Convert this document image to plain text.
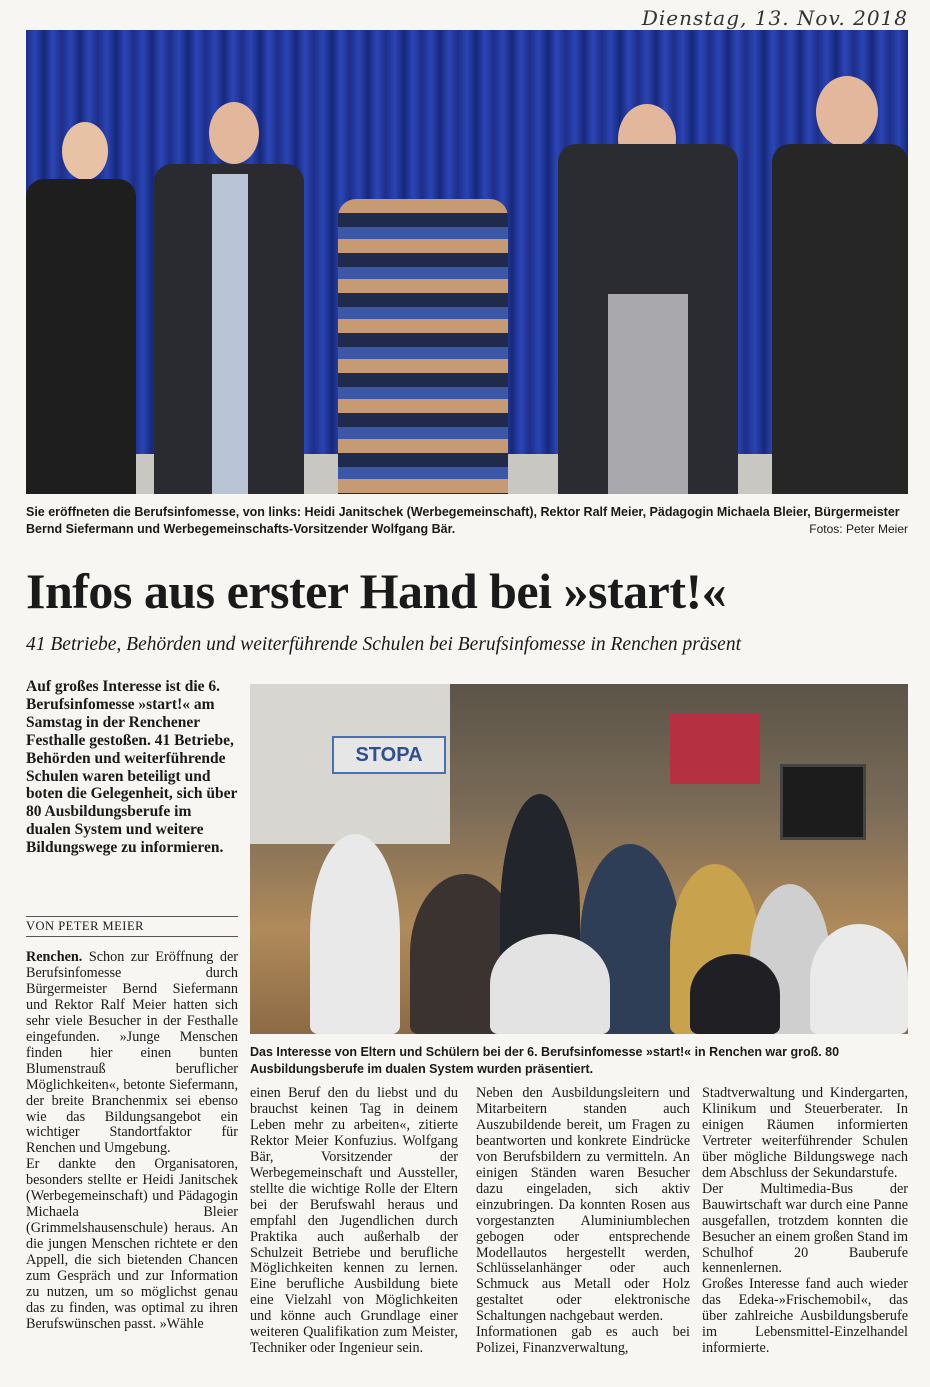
Dienstag, 13. Nov. 2018
Sie eröffneten die Berufsinfomesse, von links: Heidi Janitschek (Werbegemeinschaft), Rektor Ralf Meier, Pädagogin Michaela Bleier, Bürgermeister Bernd Siefermann und Werbegemeinschafts-Vorsitzender Wolfgang Bär.	Fotos: Peter Meier
Infos aus erster Hand bei »start!«
41 Betriebe, Behörden und weiterführende Schulen bei Berufsinfomesse in Renchen präsent
Auf großes Interesse ist die 6. Berufsinfomesse »start!« am Samstag in der Renchener Festhalle gestoßen. 41 Betriebe, Behörden und weiterführende Schulen waren beteiligt und boten die Gelegenheit, sich über 80 Ausbildungsberufe im dualen System und weitere Bildungswege zu informieren.
VON PETER MEIER
STOPA
Das Interesse von Eltern und Schülern bei der 6. Berufsinfomesse »start!« in Renchen war groß. 80 Ausbildungsberufe im dualen System wurden präsentiert.

Renchen. Schon zur Eröffnung der Berufsinfomesse durch Bürgermeister Bernd Siefermann und Rektor Ralf Meier hatten sich sehr viele Besucher in der Festhalle eingefunden. »Junge Menschen finden hier einen bunten Blumenstrauß beruflicher Möglichkeiten«, betonte Siefermann, der breite Branchenmix sei ebenso wie das Bildungsangebot ein wichtiger Standortfaktor für Renchen und Umgebung.

Er dankte den Organisatoren, besonders stellte er Heidi Janitschek (Werbegemeinschaft) und Pädagogin Michaela Bleier (Grimmelshausenschule) heraus. An die jungen Menschen richtete er den Appell, die sich bietenden Chancen zum Gespräch und zur Information zu nutzen, um so möglichst genau das zu finden, was optimal zu ihren Berufswünschen passt. »Wähle

einen Beruf den du liebst und du brauchst keinen Tag in deinem Leben mehr zu arbeiten«, zitierte Rektor Meier Konfuzius. Wolfgang Bär, Vorsitzender der Werbegemeinschaft und Aussteller, stellte die wichtige Rolle der Eltern bei der Berufswahl heraus und empfahl den Jugendlichen durch Praktika auch außerhalb der Schulzeit Betriebe und berufliche Möglichkeiten kennen zu lernen. Eine berufliche Ausbildung biete eine Vielzahl von Möglichkeiten und könne auch Grundlage einer weiteren Qualifikation zum Meister, Techniker oder Ingenieur sein.

Neben den Ausbildungsleitern und Mitarbeitern standen auch Auszubildende bereit, um Fragen zu beantworten und konkrete Eindrücke von Berufsbildern zu vermitteln. An einigen Ständen waren Besucher dazu eingeladen, sich aktiv einzubringen. Da konnten Rosen aus vorgestanzten Aluminiumblechen gebogen oder entsprechende Modellautos hergestellt werden, Schlüsselanhänger oder auch Schmuck aus Metall oder Holz gestaltet oder elektronische Schaltungen nachgebaut werden.

Informationen gab es auch bei Polizei, Finanzverwaltung,

Stadtverwaltung und Kindergarten, Klinikum und Steuerberater. In einigen Räumen informierten Vertreter weiterführender Schulen über mögliche Bildungswege nach dem Abschluss der Sekundarstufe.

Der Multimedia-Bus der Bauwirtschaft war durch eine Panne ausgefallen, trotzdem konnten die Besucher an einem großen Stand im Schulhof 20 Bauberufe kennenlernen.

Großes Interesse fand auch wieder das Edeka-»Frischemobil«, das über zahlreiche Ausbildungsberufe im Lebensmittel-Einzelhandel informierte.
